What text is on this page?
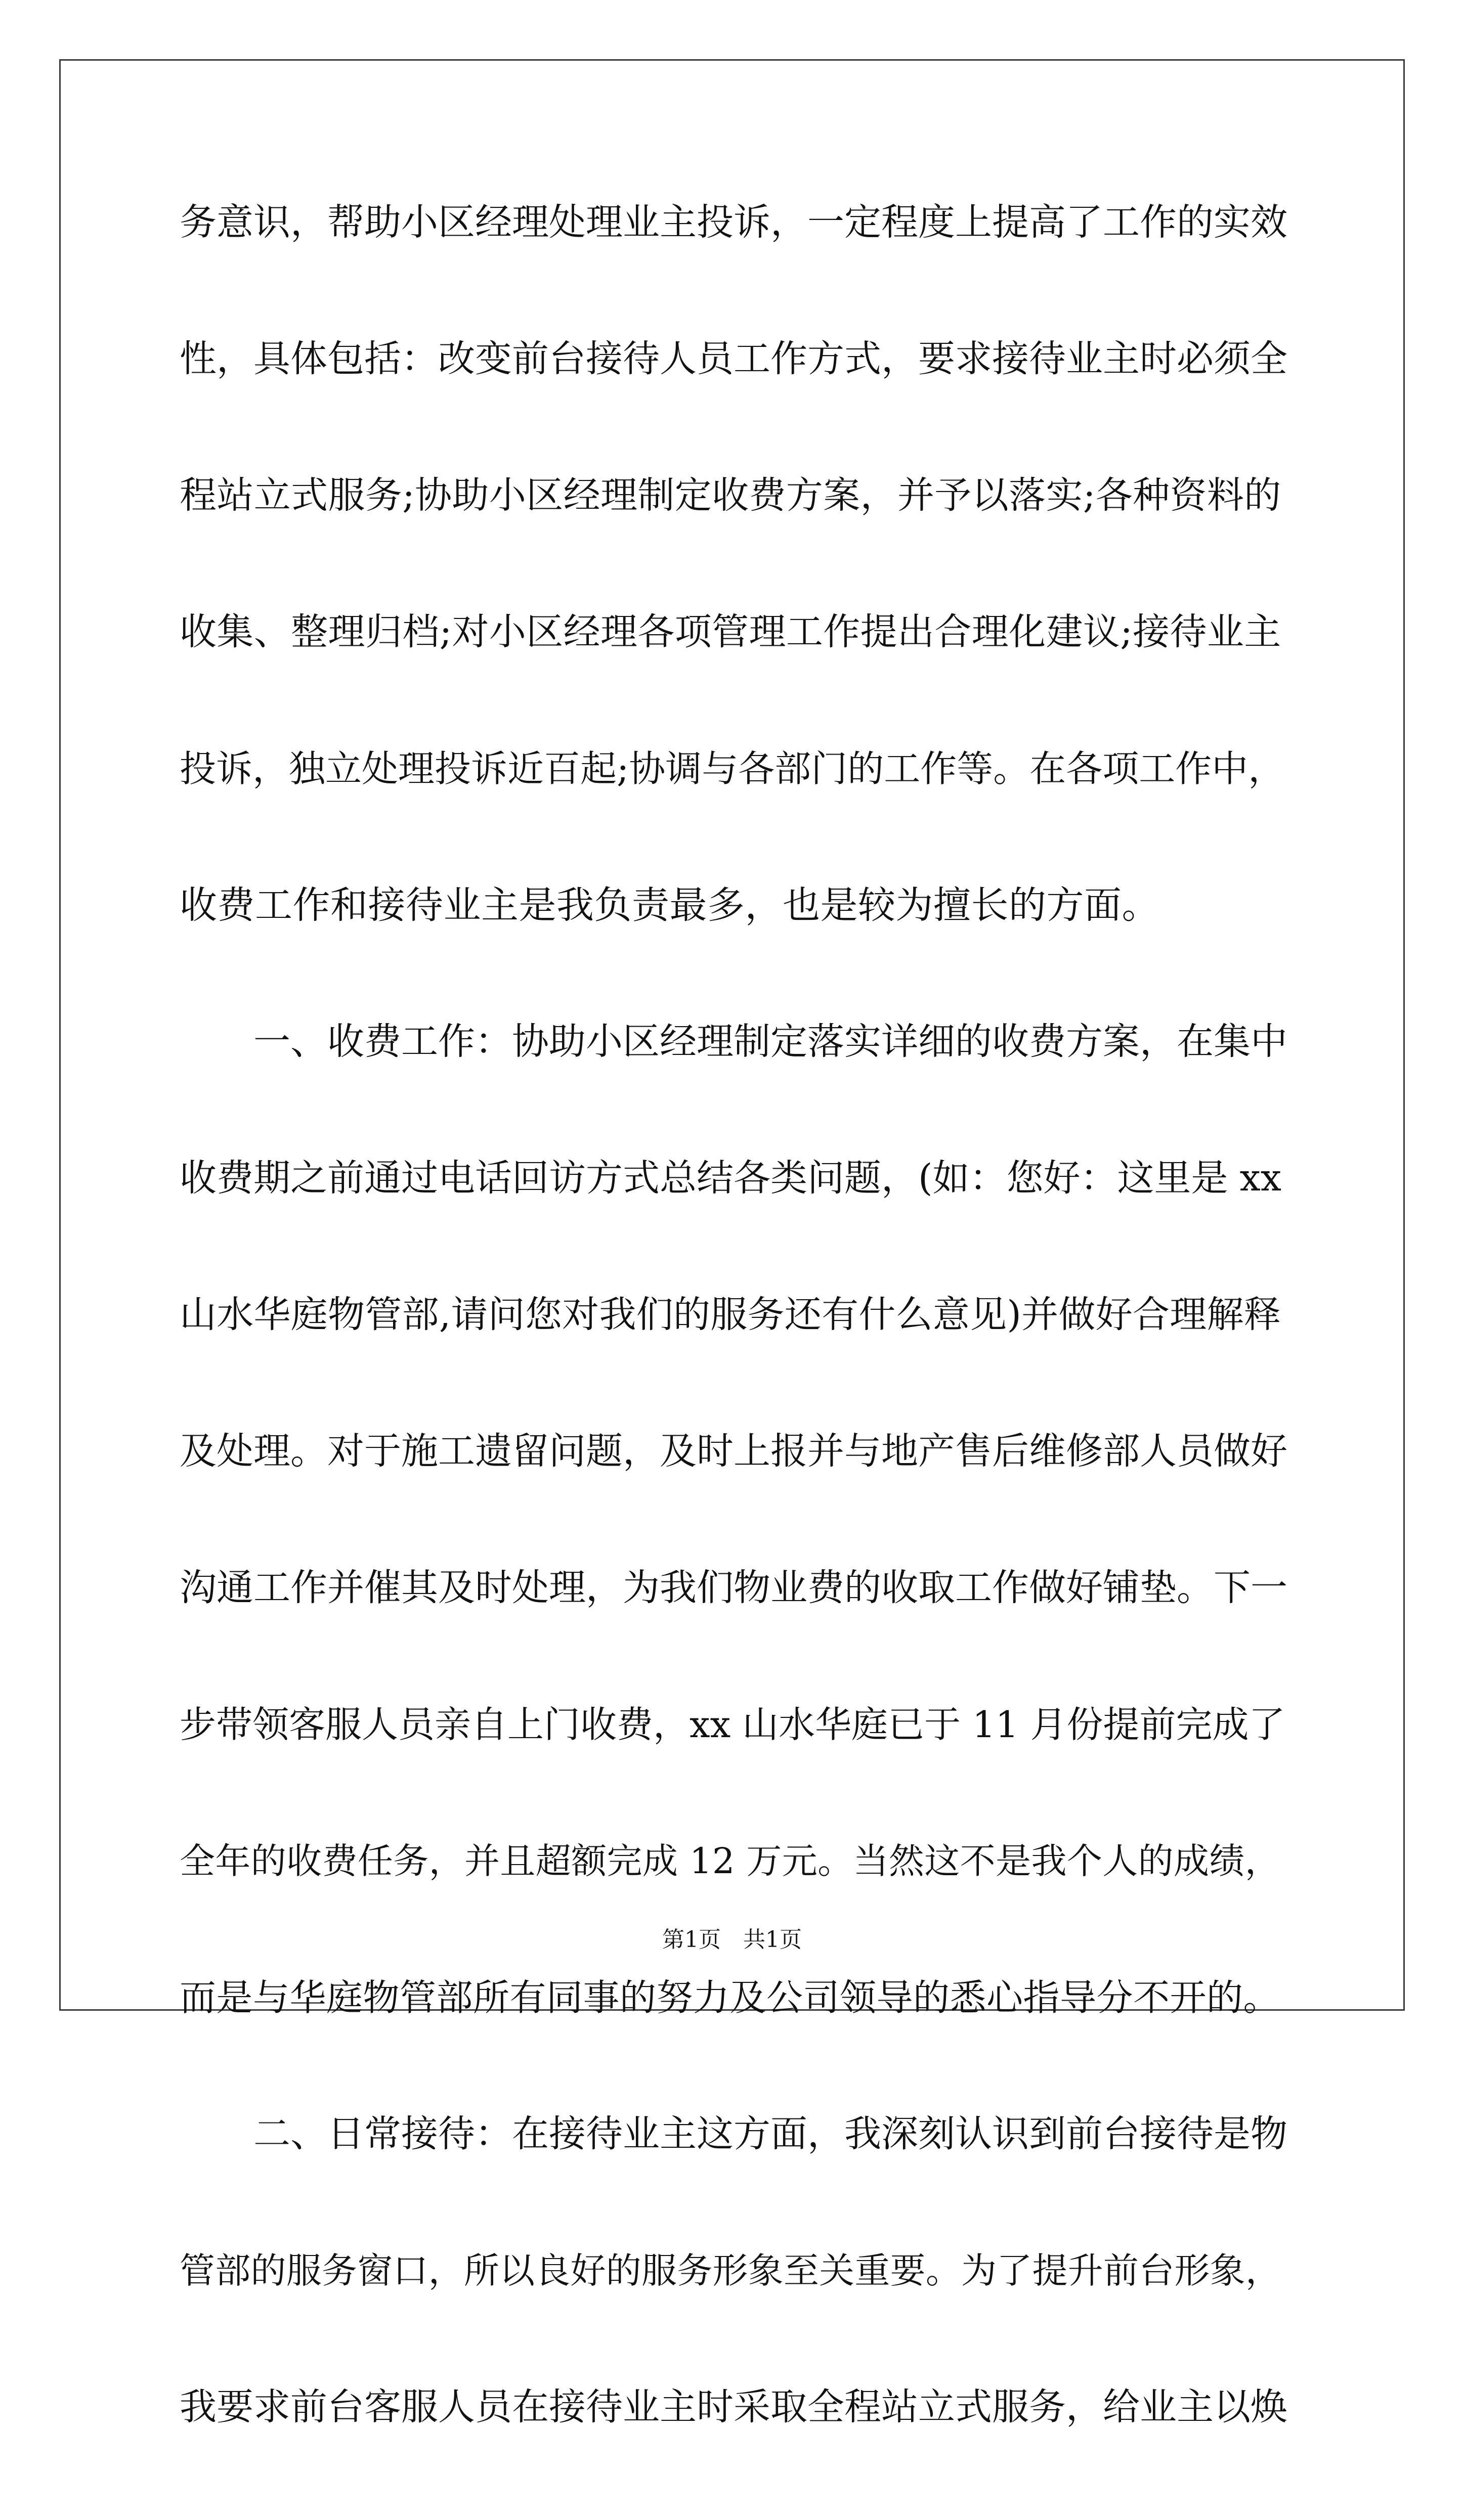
务意识，帮助小区经理处理业主投诉，一定程度上提高了工作的实效
性，具体包括：改变前台接待人员工作方式，要求接待业主时必须全
程站立式服务;协助小区经理制定收费方案，并予以落实;各种资料的
收集、整理归档;对小区经理各项管理工作提出合理化建议;接待业主
投诉，独立处理投诉近百起;协调与各部门的工作等。在各项工作中，
收费工作和接待业主是我负责最多，也是较为擅长的方面。
　　一、收费工作：协助小区经理制定落实详细的收费方案，在集中
收费期之前通过电话回访方式总结各类问题，(如：您好：这里是 xx
山水华庭物管部,请问您对我们的服务还有什么意见)并做好合理解释
及处理。对于施工遗留问题，及时上报并与地产售后维修部人员做好
沟通工作并催其及时处理，为我们物业费的收取工作做好铺垫。下一
步带领客服人员亲自上门收费，xx 山水华庭已于 11 月份提前完成了
全年的收费任务，并且超额完成 12 万元。当然这不是我个人的成绩，
而是与华庭物管部所有同事的努力及公司领导的悉心指导分不开的。
　　二、日常接待：在接待业主这方面，我深刻认识到前台接待是物
管部的服务窗口，所以良好的服务形象至关重要。为了提升前台形象，
我要求前台客服人员在接待业主时采取全程站立式服务，给业主以焕
第1页　共1页
